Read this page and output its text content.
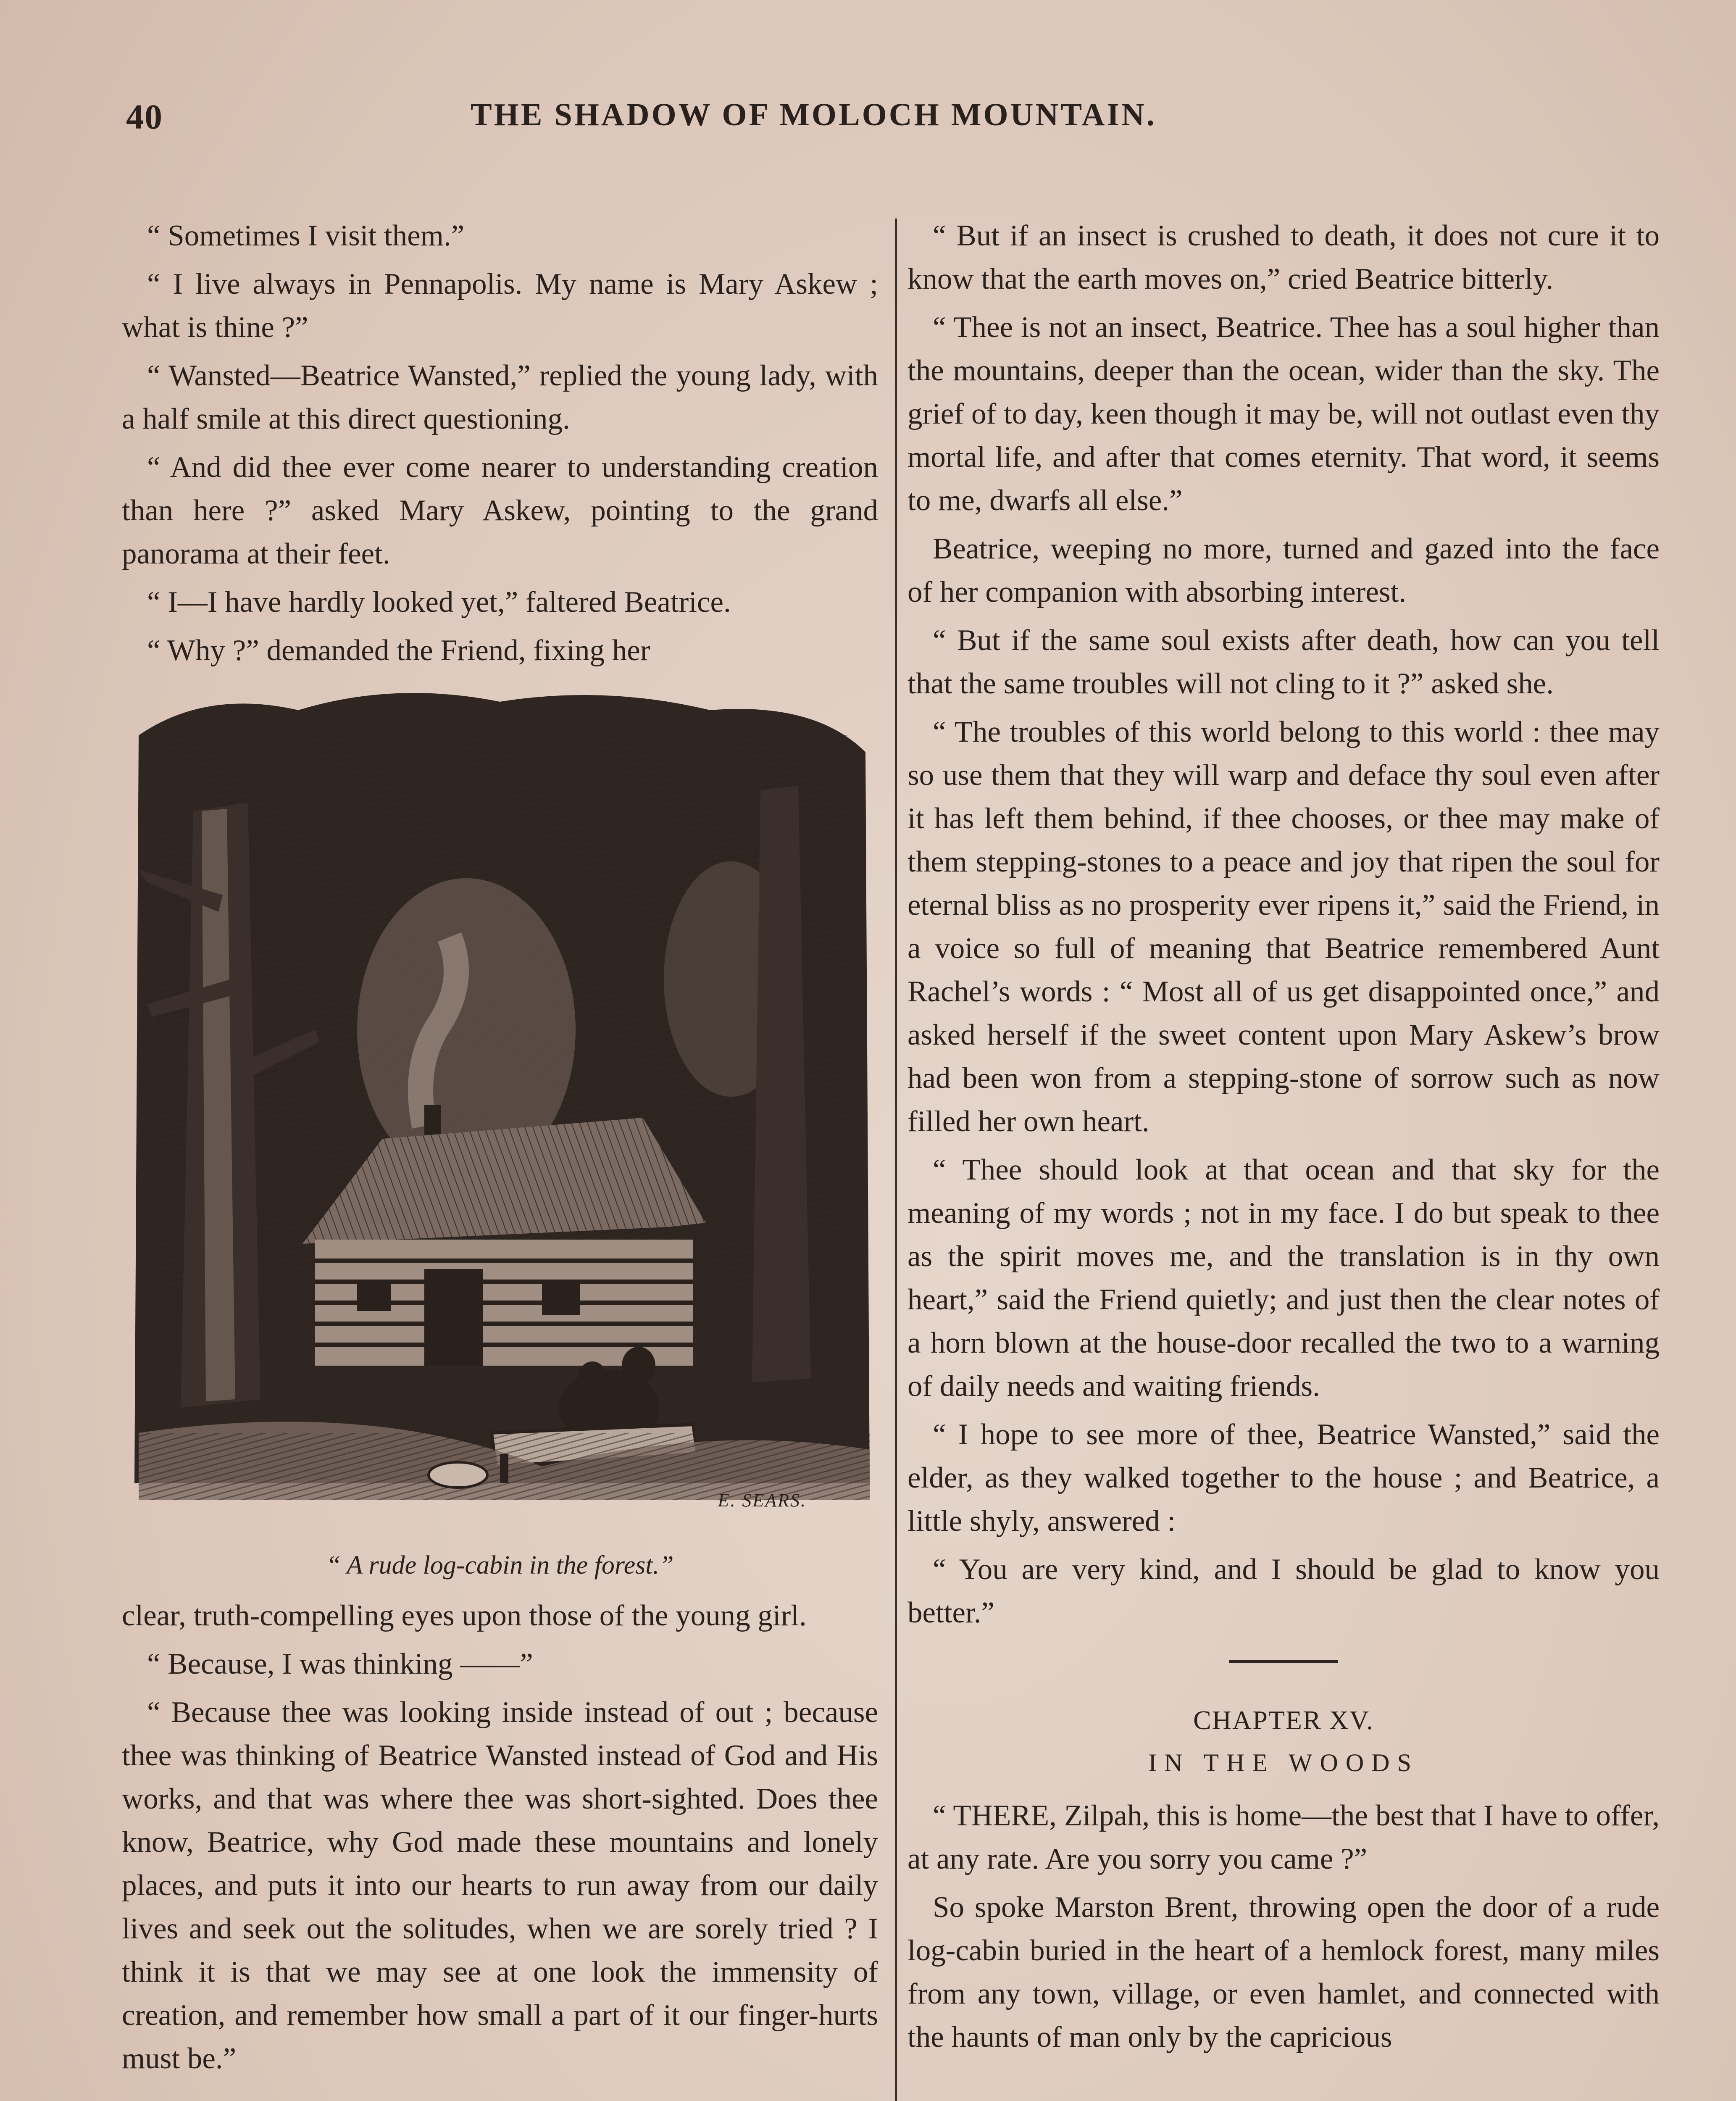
40	THE SHADOW OF MOLOCH MOUNTAIN.

“ Sometimes I visit them.”

“ I live always in Pennapolis. My name is Mary Askew ; what is thine ?”

“ Wansted—Beatrice Wansted,” replied the young lady, with a half smile at this direct questioning.

“ And did thee ever come nearer to understanding creation than here ?” asked Mary Askew, pointing to the grand panorama at their feet.

“ I—I have hardly looked yet,” faltered Beatrice.

“ Why ?” demanded the Friend, fixing her

E. SEARS.
“ A rude log-cabin in the forest.”

clear, truth-compelling eyes upon those of the young girl.

“ Because, I was thinking ——”

“ Because thee was looking inside instead of out ; because thee was thinking of Beatrice Wansted instead of God and His works, and that was where thee was short-sighted. Does thee know, Beatrice, why God made these mountains and lonely places, and puts it into our hearts to run away from our daily lives and seek out the solitudes, when we are sorely tried ? I think it is that we may see at one look the immensity of creation, and remember how small a part of it our finger-hurts must be.”

“ But if an insect is crushed to death, it does not cure it to know that the earth moves on,” cried Beatrice bitterly.

“ Thee is not an insect, Beatrice. Thee has a soul higher than the mountains, deeper than the ocean, wider than the sky. The grief of to day, keen though it may be, will not outlast even thy mortal life, and after that comes eternity. That word, it seems to me, dwarfs all else.”

Beatrice, weeping no more, turned and gazed into the face of her companion with absorbing interest.

“ But if the same soul exists after death, how can you tell that the same troubles will not cling to it ?” asked she.

“ The troubles of this world belong to this world : thee may so use them that they will warp and deface thy soul even after it has left them behind, if thee chooses, or thee may make of them stepping-stones to a peace and joy that ripen the soul for eternal bliss as no prosperity ever ripens it,” said the Friend, in a voice so full of meaning that Beatrice remembered Aunt Rachel’s words : “ Most all of us get disappointed once,” and asked herself if the sweet content upon Mary Askew’s brow had been won from a stepping-stone of sorrow such as now filled her own heart.

“ Thee should look at that ocean and that sky for the meaning of my words ; not in my face. I do but speak to thee as the spirit moves me, and the translation is in thy own heart,” said the Friend quietly; and just then the clear notes of a horn blown at the house-door recalled the two to a warning of daily needs and waiting friends.

“ I hope to see more of thee, Beatrice Wansted,” said the elder, as they walked together to the house ; and Beatrice, a little shyly, answered :

“ You are very kind, and I should be glad to know you better.”

CHAPTER XV.
IN THE WOODS

“ THERE, Zilpah, this is home—the best that I have to offer, at any rate. Are you sorry you came ?”

So spoke Marston Brent, throwing open the door of a rude log-cabin buried in the heart of a hemlock forest, many miles from any town, village, or even hamlet, and connected with the haunts of man only by the capricious
